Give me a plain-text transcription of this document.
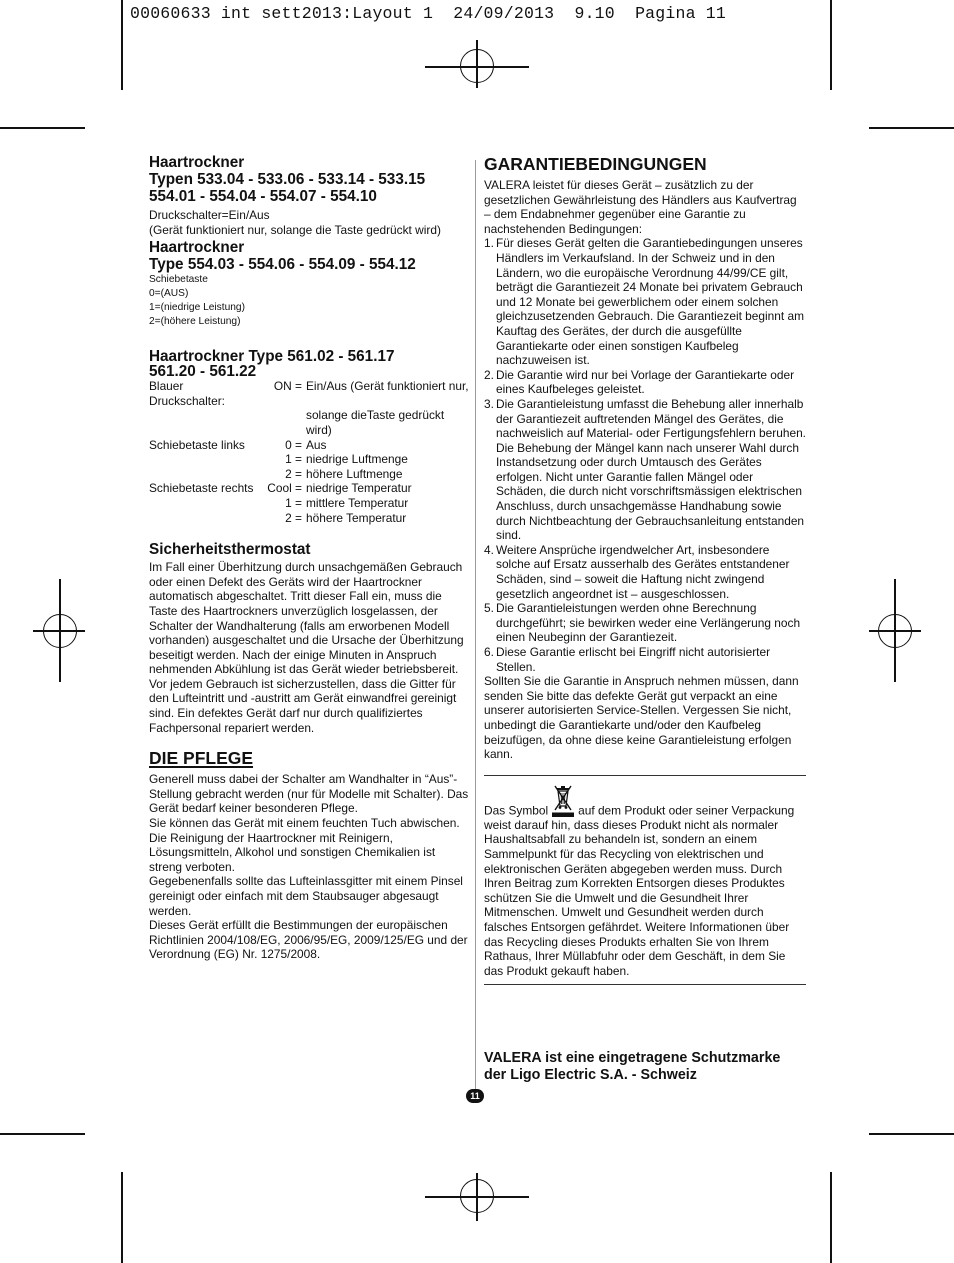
00060633 int sett2013:Layout 1  24/09/2013  9.10  Pagina 11
Haartrockner
Typen 533.04 - 533.06 - 533.14 - 533.15
554.01 - 554.04 - 554.07 - 554.10
Druckschalter=Ein/Aus
(Gerät funktioniert nur, solange die Taste gedrückt wird)
Haartrockner
Type 554.03 - 554.06 - 554.09 - 554.12
Schiebetaste
0=(AUS)
1=(niedrige Leistung)
2=(höhere Leistung)
Haartrockner Type 561.02 - 561.17
561.20 - 561.22
Blauer Druckschalter:
ON = Ein/Aus (Gerät funktioniert nur,
solange dieTaste gedrückt wird)
Schiebetaste links	0 = Aus
1 = niedrige Luftmenge
2 = höhere Luftmenge
Schiebetaste rechts	Cool = niedrige Temperatur
1 = mittlere Temperatur
2 = höhere Temperatur
Sicherheitsthermostat

Im Fall einer Überhitzung durch unsachgemäßen Gebrauch oder einen Defekt des Geräts wird der Haartrockner automatisch abgeschaltet. Tritt dieser Fall ein, muss die Taste des Haartrockners unverzüglich losgelassen, der Schalter der Wandhalterung (falls am erworbenen Modell vorhanden) ausgeschaltet und die Ursache der Überhitzung beseitigt werden. Nach der einige Minuten in Anspruch nehmenden Abkühlung ist das Gerät wieder betriebsbereit. Vor jedem Gebrauch ist sicherzustellen, dass die Gitter für den Lufteintritt und -austritt am Gerät einwandfrei gereinigt sind. Ein defektes Gerät darf nur durch qualifiziertes Fachpersonal repariert werden.

DIE PFLEGE

Generell muss dabei der Schalter am Wandhalter in “Aus”-Stellung gebracht werden (nur für Modelle mit Schalter). Das Gerät bedarf keiner besonderen Pflege.

Sie können das Gerät mit einem feuchten Tuch abwischen. Die Reinigung der Haartrockner mit Reinigern, Lösungsmitteln, Alkohol und sonstigen Chemikalien ist streng verboten.

Gegebenenfalls sollte das Lufteinlassgitter mit einem Pinsel gereinigt oder einfach mit dem Staubsauger abgesaugt werden.

Dieses Gerät erfüllt die Bestimmungen der europäischen Richtlinien 2004/108/EG, 2006/95/EG, 2009/125/EG und der Verordnung (EG) Nr. 1275/2008.

GARANTIEBEDINGUNGEN

VALERA leistet für dieses Gerät – zusätzlich zu der gesetzlichen Gewährleistung des Händlers aus Kaufvertrag – dem Endabnehmer gegenüber eine Garantie zu nachstehenden Bedingungen:

1. Für dieses Gerät gelten die Garantiebedingungen unseres Händlers im Verkaufsland. In der Schweiz und in den Ländern, wo die europäische Verordnung 44/99/CE gilt, beträgt die Garantiezeit 24 Monate bei privatem Gebrauch und 12 Monate bei gewerblichem oder einem solchen gleichzusetzenden Gebrauch. Die Garantiezeit beginnt am Kauftag des Gerätes, der durch die ausgefüllte Garantiekarte oder einen sonstigen Kaufbeleg nachzuweisen ist.

2. Die Garantie wird nur bei Vorlage der Garantiekarte oder eines Kaufbeleges geleistet.

3. Die Garantieleistung umfasst die Behebung aller innerhalb der Garantiezeit auftretenden Mängel des Gerätes, die nachweislich auf Material- oder Fertigungsfehlern beruhen. Die Behebung der Mängel kann nach unserer Wahl durch Instandsetzung oder durch Umtausch des Gerätes erfolgen. Nicht unter Garantie fallen Mängel oder Schäden, die durch nicht vorschriftsmässigen elektrischen Anschluss, durch unsachgemässe Handhabung sowie durch Nichtbeachtung der Gebrauchsanleitung entstanden sind.

4. Weitere Ansprüche irgendwelcher Art, insbesondere solche auf Ersatz ausserhalb des Gerätes entstandener Schäden, sind – soweit die Haftung nicht zwingend gesetzlich angeordnet ist – ausgeschlossen.

5. Die Garantieleistungen werden ohne Berechnung durchgeführt; sie bewirken weder eine Verlängerung noch einen Neubeginn der Garantiezeit.

6. Diese Garantie erlischt bei Eingriff nicht autorisierter Stellen.

Sollten Sie die Garantie in Anspruch nehmen müssen, dann senden Sie bitte das defekte Gerät gut verpackt an eine unserer autorisierten Service-Stellen. Vergessen Sie nicht, unbedingt die Garantiekarte und/oder den Kaufbeleg beizufügen, da ohne diese keine Garantieleistung erfolgen kann.

Das Symbol	auf dem Produkt oder seiner Verpackung weist darauf hin, dass dieses Produkt nicht als normaler Haushaltsabfall zu behandeln ist, sondern an einem Sammelpunkt für das Recycling von elektrischen und elektronischen Geräten abgegeben werden muss. Durch Ihren Beitrag zum Korrekten Entsorgen dieses Produktes schützen Sie die Umwelt und die Gesundheit Ihrer Mitmenschen. Umwelt und Gesundheit werden durch falsches Entsorgen gefährdet. Weitere Informationen über das Recycling dieses Produkts erhalten Sie von Ihrem Rathaus, Ihrer Müllabfuhr oder dem Geschäft, in dem Sie das Produkt gekauft haben.

VALERA ist eine eingetragene Schutzmarke der Ligo Electric S.A. - Schweiz
11
